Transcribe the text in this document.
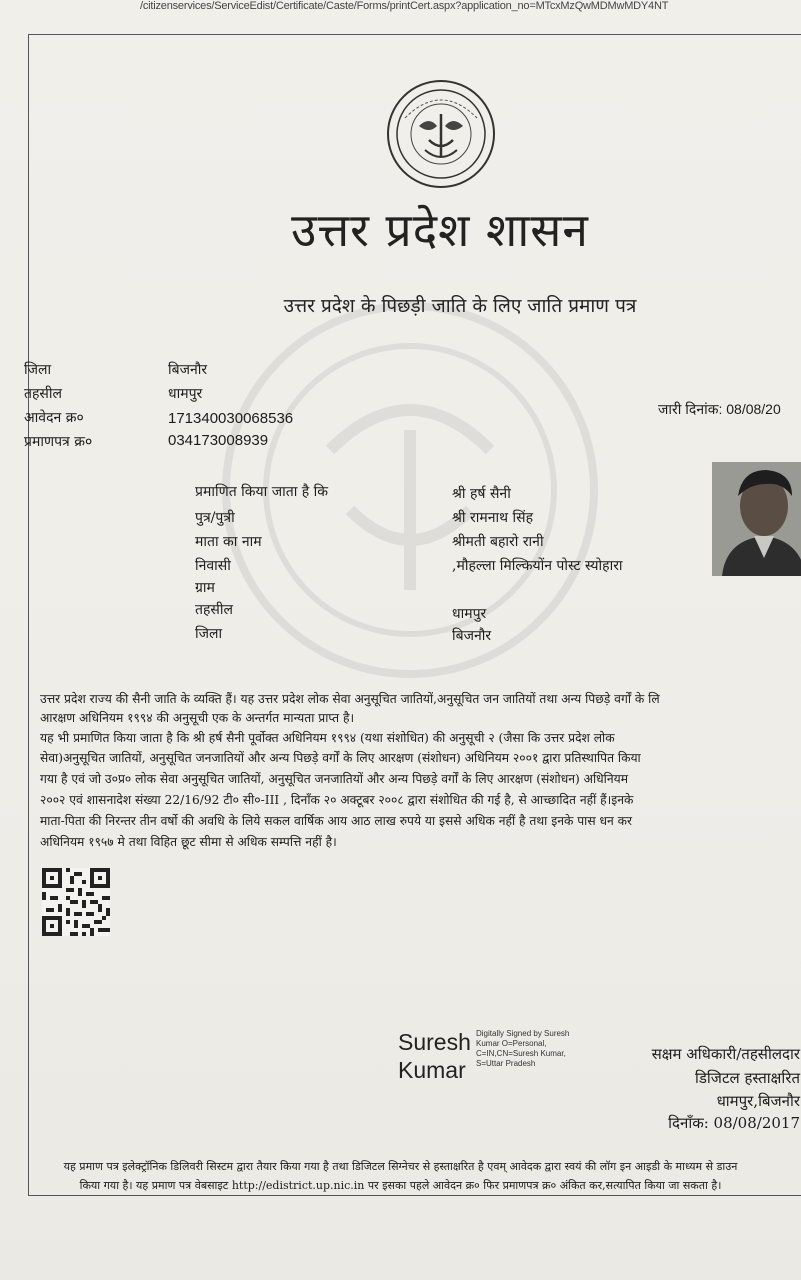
/citizenservices/ServiceEdist/Certificate/Caste/Forms/printCert.aspx?application_no=MTcxMzQwMDMwMDY4NT
उत्तर प्रदेश शासन
उत्तर प्रदेश के पिछड़ी जाति के लिए जाति प्रमाण पत्र
जिला	बिजनौर
तहसील	धामपुर
आवेदन क्र०	171340030068536
प्रमाणपत्र क्र०	034173008939
जारी दिनांक: 08/08/20
प्रमाणित किया जाता है कि	श्री हर्ष सैनी
पुत्र/पुत्री	श्री रामनाथ सिंह
माता का नाम	श्रीमती बहारो रानी
निवासी	,मौहल्ला मिल्कियोंन पोस्ट स्योहारा
ग्राम
तहसील	धामपुर
जिला	बिजनौर
उत्तर प्रदेश राज्य की सैनी जाति के व्यक्ति हैं। यह उत्तर प्रदेश लोक सेवा अनुसूचित जातियों,अनुसूचित जन जातियों तथा अन्य पिछड़े वर्गों के लि
आरक्षण अधिनियम १९९४ की अनुसूची एक के अन्तर्गत मान्यता प्राप्त है।
यह भी प्रमाणित किया जाता है कि श्री हर्ष सैनी पूर्वोक्त अधिनियम १९९४ (यथा संशोधित) की अनुसूची २ (जैसा कि उत्तर प्रदेश लोक
सेवा)अनुसूचित जातियों, अनुसूचित जनजातियों और अन्य पिछड़े वर्गों के लिए आरक्षण (संशोधन) अधिनियम २००१ द्वारा प्रतिस्थापित किया
गया है एवं जो उ०प्र० लोक सेवा अनुसूचित जातियों, अनुसूचित जनजातियों और अन्य पिछड़े वर्गों के लिए आरक्षण (संशोधन) अधिनियम
२००२ एवं शासनादेश संख्या 22/16/92 टी० सी०-III , दिनाँक २० अक्टूबर २००८ द्वारा संशोधित की गई है, से आच्छादित नहीं हैं।इनके
माता-पिता की निरन्तर तीन वर्षो की अवधि के लिये सकल वार्षिक आय आठ लाख रुपये या इससे अधिक नहीं है तथा इनके पास धन कर
अधिनियम १९५७ मे तथा विहित छूट सीमा से अधिक सम्पत्ति नहीं है।
Suresh
Kumar
Digitally Signed by Suresh
Kumar O=Personal,
C=IN,CN=Suresh Kumar,
S=Uttar Pradesh
सक्षम अधिकारी/तहसीलदार
डिजिटल हस्ताक्षरित
धामपुर,बिजनौर
दिनाँक: 08/08/2017
यह प्रमाण पत्र इलेक्ट्रॉनिक डिलिवरी सिस्टम द्वारा तैयार किया गया है तथा डिजिटल सिग्नेचर से हस्ताक्षरित है एवम् आवेदक द्वारा स्वयं की लॉग इन आइडी के माध्यम से डाउन
किया गया है। यह प्रमाण पत्र वेबसाइट http://edistrict.up.nic.in पर इसका पहले आवेदन क्र० फिर प्रमाणपत्र क्र० अंकित कर,सत्यापित किया जा सकता है।
